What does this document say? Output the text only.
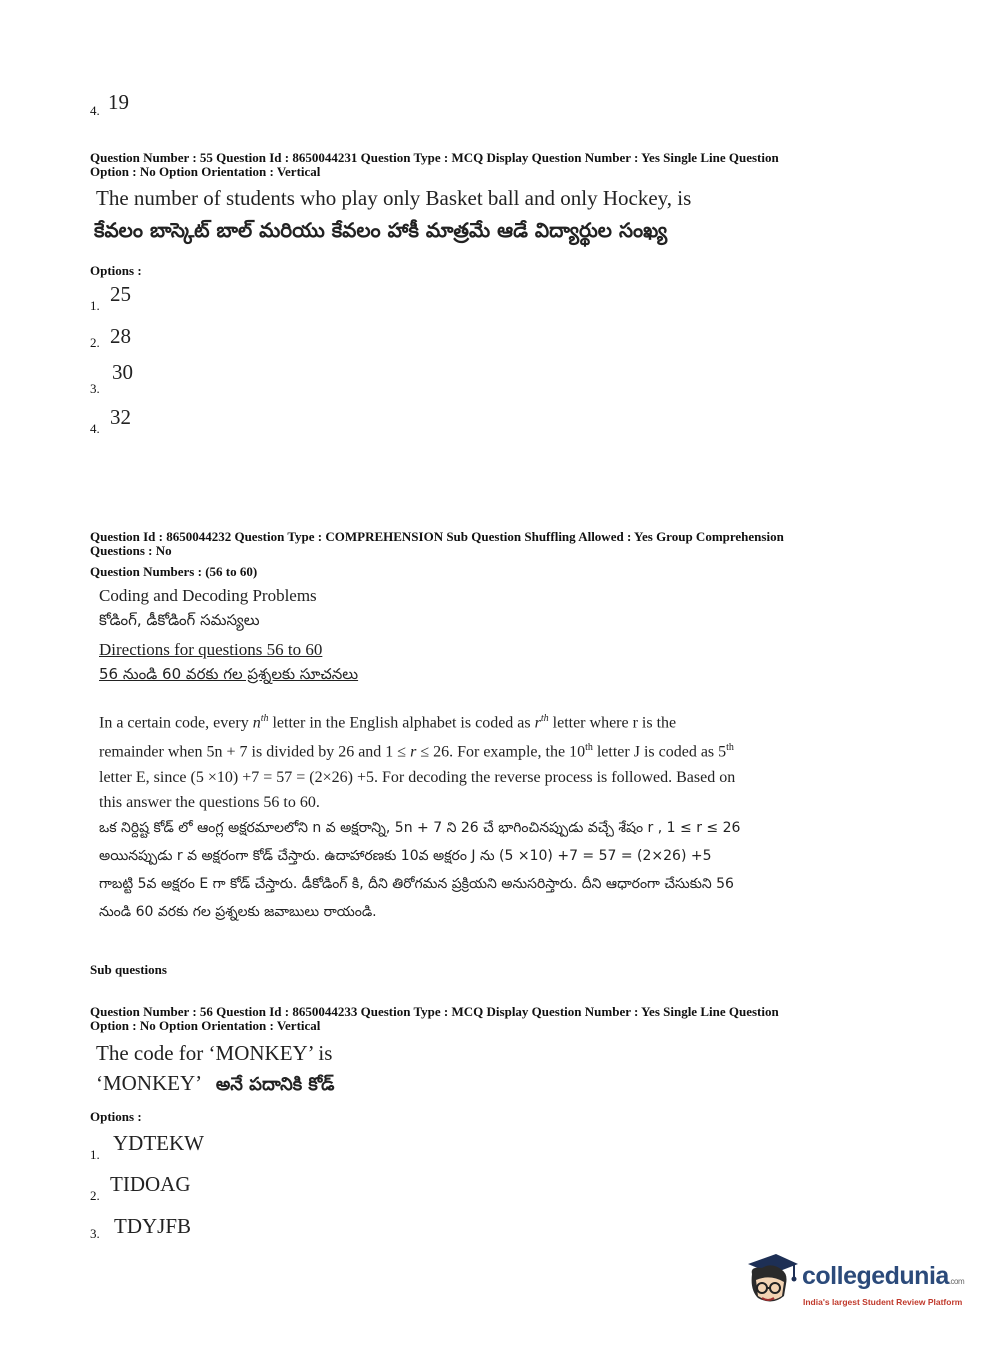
4. 19
Question Number : 55 Question Id : 8650044231 Question Type : MCQ Display Question Number : Yes Single Line Question
Option : No Option Orientation : Vertical
The number of students who play only Basket ball and only Hockey, is
కేవలం బాస్కెట్ బాల్ మరియు కేవలం హాకీ మాత్రమే ఆడే విద్యార్థుల సంఖ్య
Options :
1. 25
2. 28
3.
30
4. 32
Question Id : 8650044232 Question Type : COMPREHENSION Sub Question Shuffling Allowed : Yes Group Comprehension
Questions : No
Question Numbers : (56 to 60)
Coding and Decoding Problems
కోడింగ్, డీకోడింగ్ సమస్యలు
Directions for questions 56 to 60
56 నుండి 60 వరకు గల ప్రశ్నలకు సూచనలు
In a certain code, every $n^{th}$ letter in the English alphabet is coded as $r^{th}$ letter where r is the remainder when 5n + 7 is divided by 26 and 1 ≤ r ≤ 26. For example, the 10th letter J is coded as 5th letter E, since (5 ×10) +7 = 57 = (2×26) +5. For decoding the reverse process is followed. Based on this answer the questions 56 to 60.
ఒక నిర్దిష్ట కోడ్ లో ఆంగ్ల అక్షరమాలలోని n వ అక్షరాన్ని, 5n + 7 ని 26 చే భాగించినప్పుడు వచ్చే శేషం r , 1 ≤ r ≤ 26 అయినప్పుడు r వ అక్షరంగా కోడ్ చేస్తారు. ఉదాహారణకు 10వ అక్షరం J ను (5 ×10) +7 = 57 = (2×26) +5 గాబట్టి 5వ అక్షరం E గా కోడ్ చేస్తారు. డీకోడింగ్ కి, దీని తిరోగమన ప్రక్రియని అనుసరిస్తారు. దీని ఆధారంగా చేసుకుని 56 నుండి 60 వరకు గల ప్రశ్నలకు జవాబులు రాయండి.
Sub questions
Question Number : 56 Question Id : 8650044233 Question Type : MCQ Display Question Number : Yes Single Line Question
Option : No Option Orientation : Vertical
The code for ‘MONKEY’ is
‘MONKEY’ అనే పదానికి కోడ్
Options :
1. YDTEKW
2. TIDOAG
3. TDYJFB
collegedunia.com
India's largest Student Review Platform
